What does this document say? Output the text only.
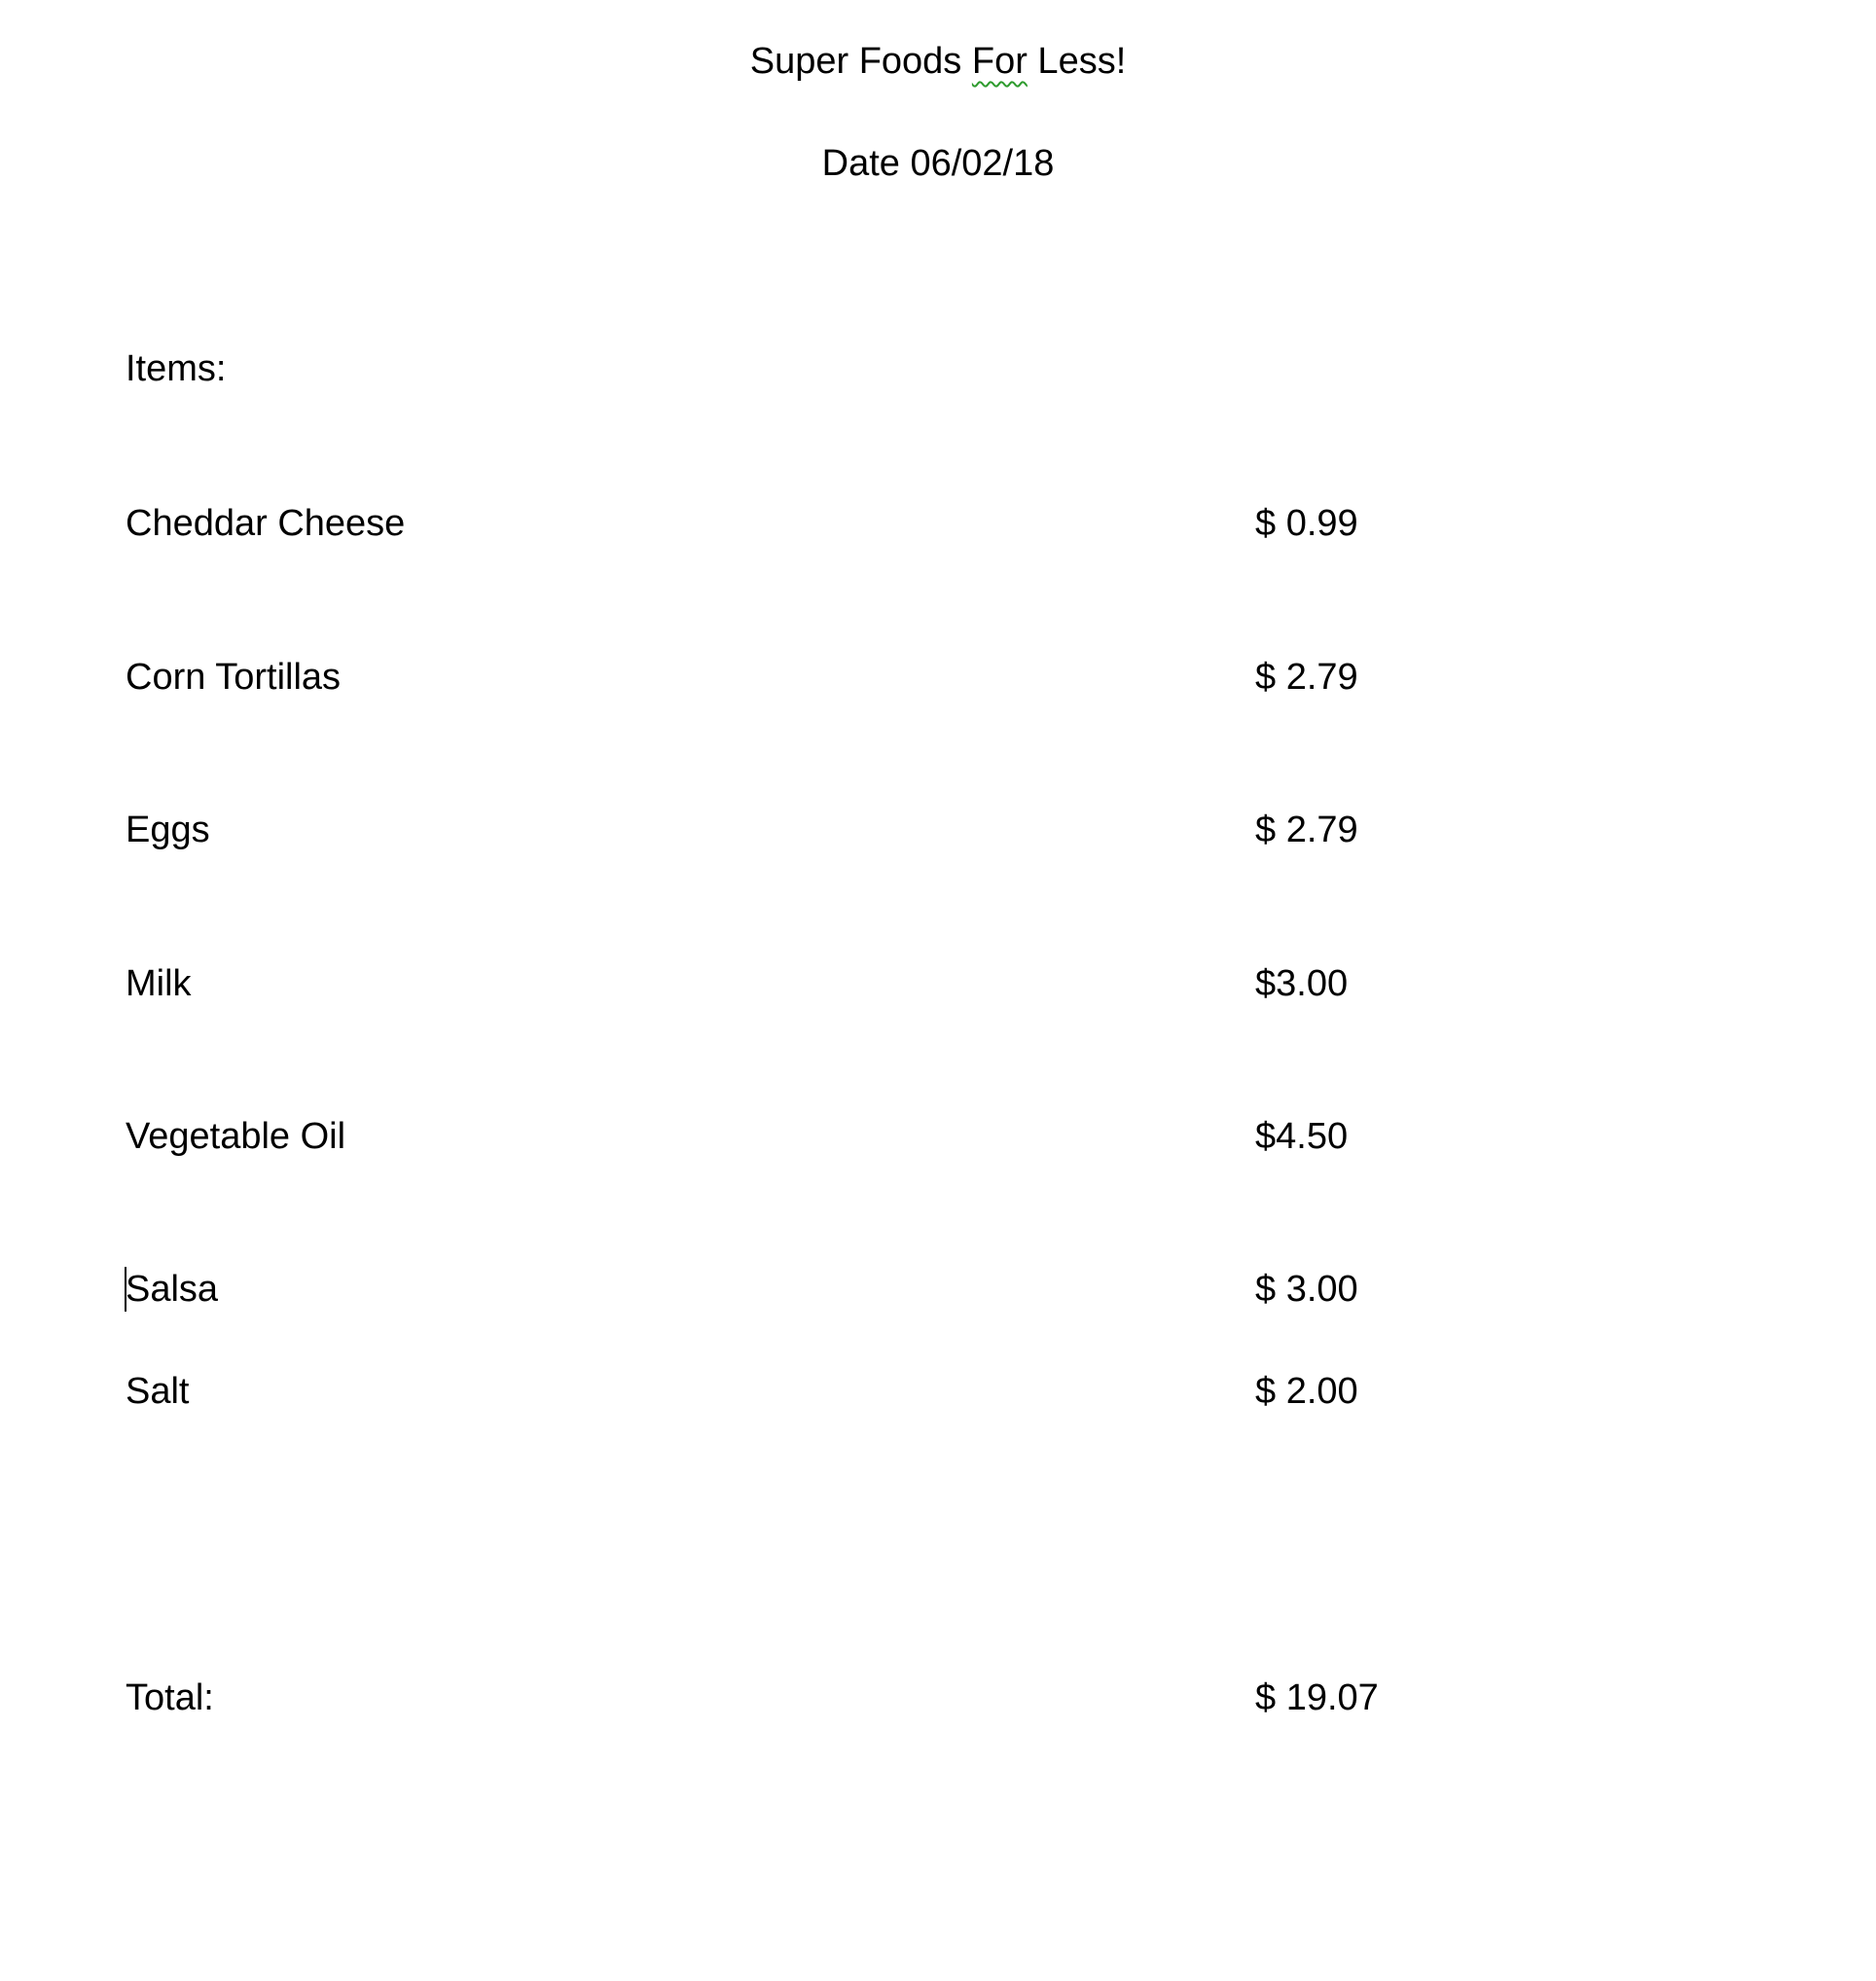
Super Foods For Less!
Date 06/02/18
Items:
Cheddar Cheese	$ 0.99
Corn Tortillas	$ 2.79
Eggs	$ 2.79
Milk	$3.00
Vegetable Oil	$4.50
Salsa	$ 3.00
Salt	$ 2.00
Total:	$ 19.07
